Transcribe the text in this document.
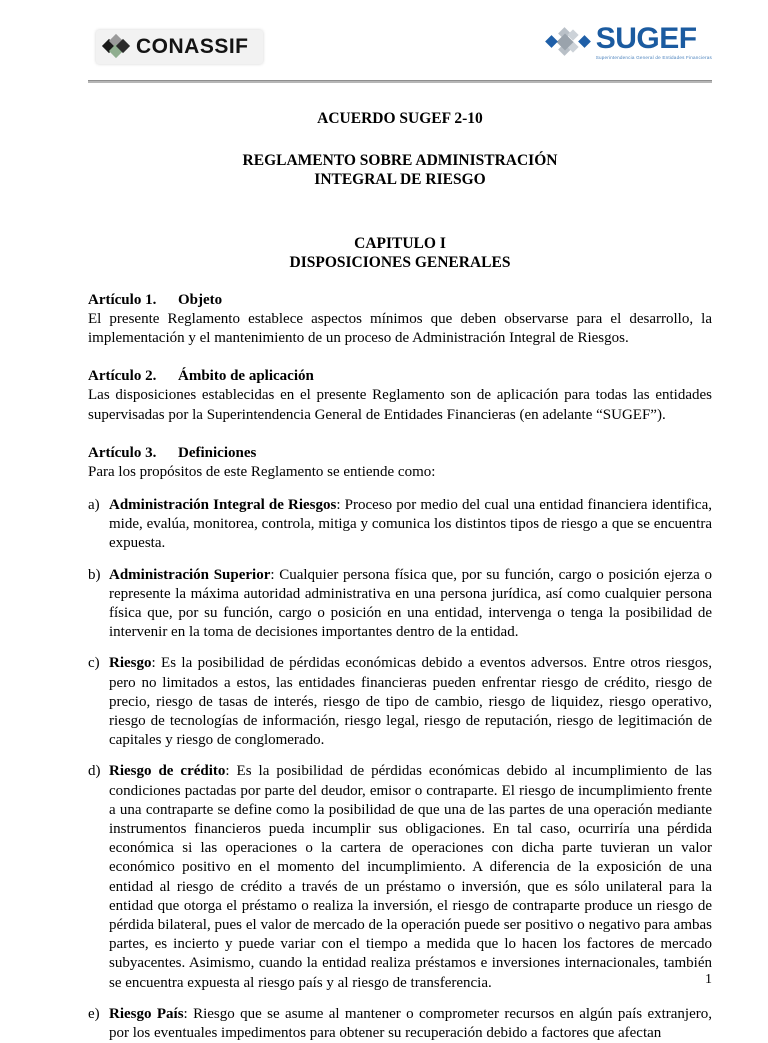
CONASSIF	SUGEF
Superintendencia General de Entidades Financieras
ACUERDO SUGEF 2-10
REGLAMENTO SOBRE ADMINISTRACIÓN
INTEGRAL DE RIESGO
CAPITULO I
DISPOSICIONES GENERALES
Artículo 1.	Objeto
El presente Reglamento establece aspectos mínimos que deben observarse para el desarrollo, la implementación y el mantenimiento de un proceso de Administración Integral de Riesgos.
Artículo 2.	Ámbito de aplicación
Las disposiciones establecidas en el presente Reglamento son de aplicación para todas las entidades supervisadas por la Superintendencia General de Entidades Financieras (en adelante “SUGEF”).
Artículo 3.	Definiciones
Para los propósitos de este Reglamento se entiende como:
a) Administración Integral de Riesgos: Proceso por medio del cual una entidad financiera identifica, mide, evalúa, monitorea, controla, mitiga y comunica los distintos tipos de riesgo a que se encuentra expuesta.
b) Administración Superior: Cualquier persona física que, por su función, cargo o posición ejerza o represente la máxima autoridad administrativa en una persona jurídica, así como cualquier persona física que, por su función, cargo o posición en una entidad, intervenga o tenga la posibilidad de intervenir en la toma de decisiones importantes dentro de la entidad.
c) Riesgo: Es la posibilidad de pérdidas económicas debido a eventos adversos. Entre otros riesgos, pero no limitados a estos, las entidades financieras pueden enfrentar riesgo de crédito, riesgo de precio, riesgo de tasas de interés, riesgo de tipo de cambio, riesgo de liquidez, riesgo operativo, riesgo de tecnologías de información, riesgo legal, riesgo de reputación, riesgo de legitimación de capitales y riesgo de conglomerado.
d) Riesgo de crédito: Es la posibilidad de pérdidas económicas debido al incumplimiento de las condiciones pactadas por parte del deudor, emisor o contraparte. El riesgo de incumplimiento frente a una contraparte se define como la posibilidad de que una de las partes de una operación mediante instrumentos financieros pueda incumplir sus obligaciones. En tal caso, ocurriría una pérdida económica si las operaciones o la cartera de operaciones con dicha parte tuvieran un valor económico positivo en el momento del incumplimiento. A diferencia de la exposición de una entidad al riesgo de crédito a través de un préstamo o inversión, que es sólo unilateral para la entidad que otorga el préstamo o realiza la inversión, el riesgo de contraparte produce un riesgo de pérdida bilateral, pues el valor de mercado de la operación puede ser positivo o negativo para ambas partes, es incierto y puede variar con el tiempo a medida que lo hacen los factores de mercado subyacentes. Asimismo, cuando la entidad realiza préstamos e inversiones internacionales, también se encuentra expuesta al riesgo país y al riesgo de transferencia.
e) Riesgo País: Riesgo que se asume al mantener o comprometer recursos en algún país extranjero, por los eventuales impedimentos para obtener su recuperación debido a factores que afectan
1
